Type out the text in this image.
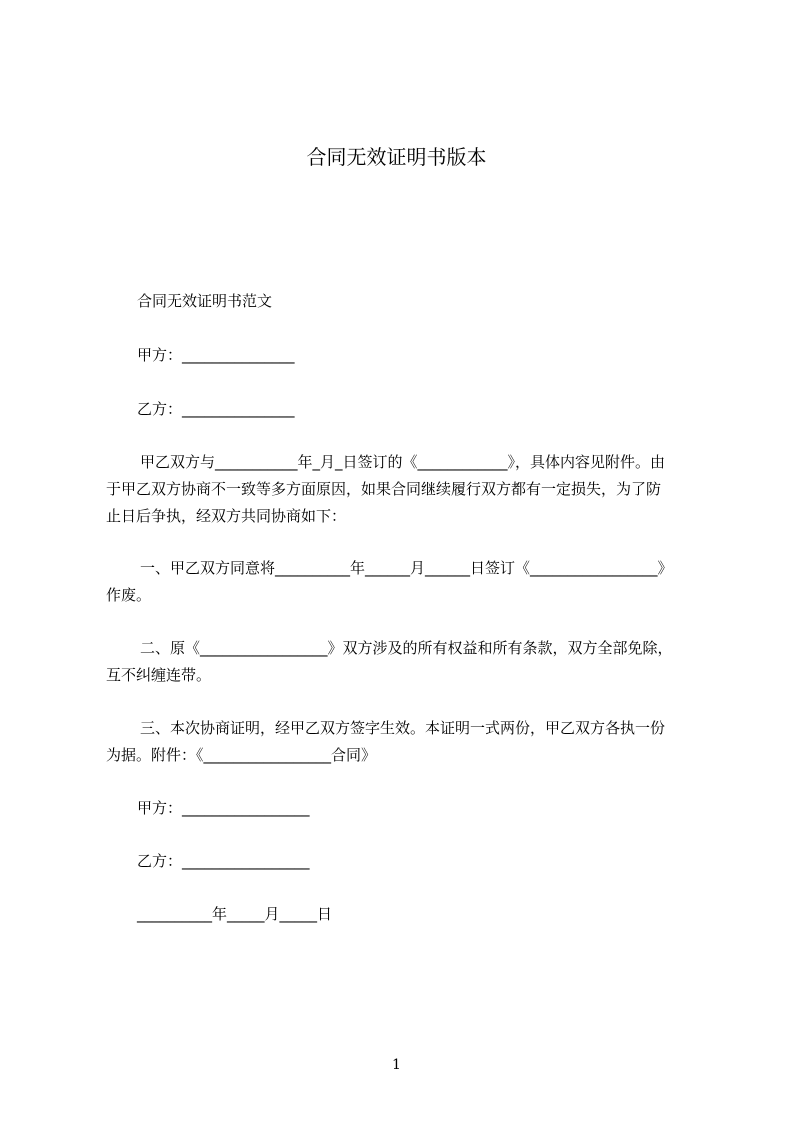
合同无效证明书版本
合同无效证明书范文
甲方：_______________
乙方：_______________
甲乙双方与___________年_月_日签订的《____________》，具体内容见附件。由
于甲乙双方协商不一致等多方面原因，如果合同继续履行双方都有一定损失，为了防
止日后争执，经双方共同协商如下：
一、甲乙双方同意将__________年______月______日签订《_________________》
作废。
二、原《_________________》双方涉及的所有权益和所有条款，双方全部免除，
互不纠缠连带。
三、本次协商证明，经甲乙双方签字生效。本证明一式两份，甲乙双方各执一份
为据。附件：《_________________合同》
甲方：_________________
乙方：_________________
__________年_____月_____日
1
